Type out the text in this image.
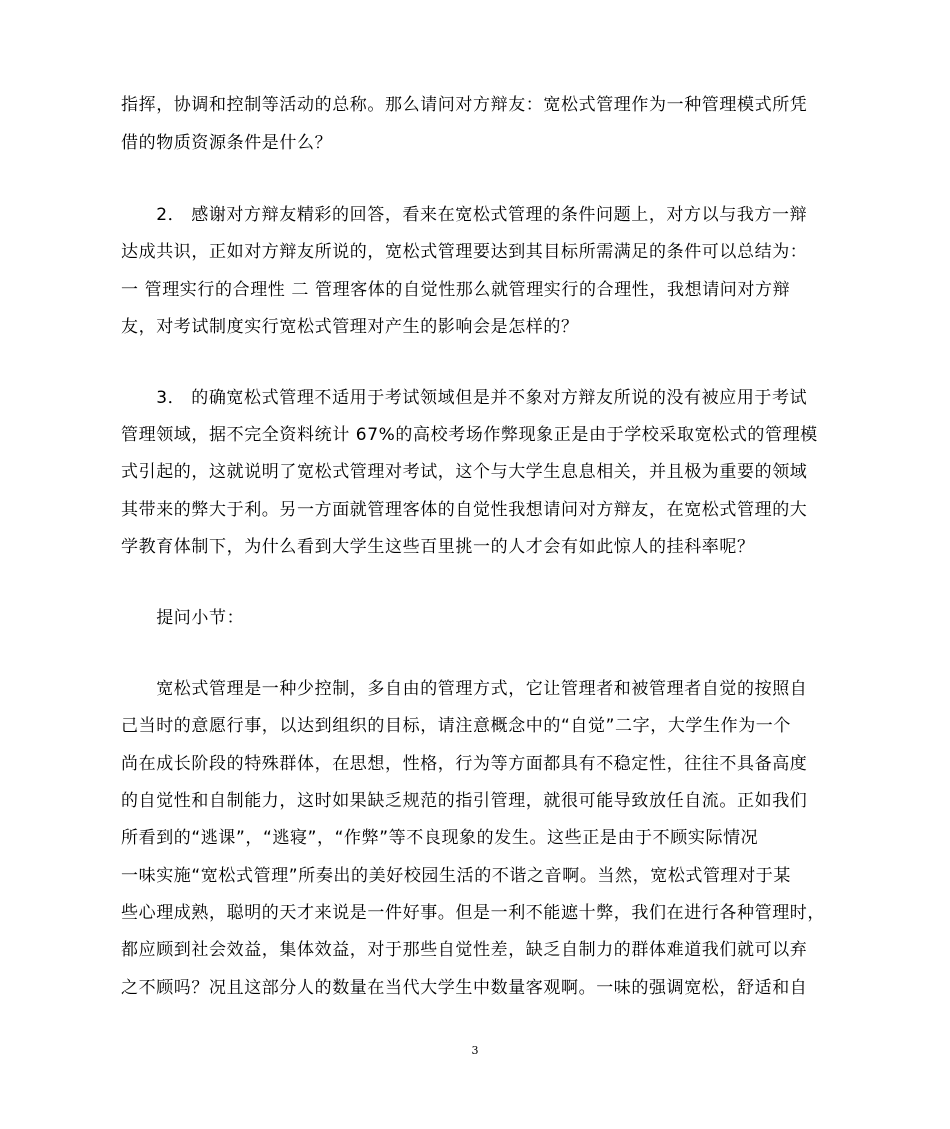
指挥，协调和控制等活动的总称。那么请问对方辩友：宽松式管理作为一种管理模式所凭
借的物质资源条件是什么？
　　2． 感谢对方辩友精彩的回答，看来在宽松式管理的条件问题上，对方以与我方一辩
达成共识，正如对方辩友所说的，宽松式管理要达到其目标所需满足的条件可以总结为：
一 管理实行的合理性 二 管理客体的自觉性那么就管理实行的合理性，我想请问对方辩
友，对考试制度实行宽松式管理对产生的影响会是怎样的？
　　3． 的确宽松式管理不适用于考试领域但是并不象对方辩友所说的没有被应用于考试
管理领域，据不完全资料统计 67%的高校考场作弊现象正是由于学校采取宽松式的管理模
式引起的，这就说明了宽松式管理对考试，这个与大学生息息相关，并且极为重要的领域
其带来的弊大于利。另一方面就管理客体的自觉性我想请问对方辩友，在宽松式管理的大
学教育体制下，为什么看到大学生这些百里挑一的人才会有如此惊人的挂科率呢？
　　提问小节：
　　宽松式管理是一种少控制，多自由的管理方式，它让管理者和被管理者自觉的按照自
己当时的意愿行事，以达到组织的目标，请注意概念中的“自觉”二字，大学生作为一个
尚在成长阶段的特殊群体，在思想，性格，行为等方面都具有不稳定性，往往不具备高度
的自觉性和自制能力，这时如果缺乏规范的指引管理，就很可能导致放任自流。正如我们
所看到的“逃课”，“逃寝”，“作弊”等不良现象的发生。这些正是由于不顾实际情况
一味实施“宽松式管理”所奏出的美好校园生活的不谐之音啊。当然，宽松式管理对于某
些心理成熟，聪明的天才来说是一件好事。但是一利不能遮十弊，我们在进行各种管理时，
都应顾到社会效益，集体效益，对于那些自觉性差，缺乏自制力的群体难道我们就可以弃
之不顾吗？况且这部分人的数量在当代大学生中数量客观啊。一味的强调宽松，舒适和自
3
